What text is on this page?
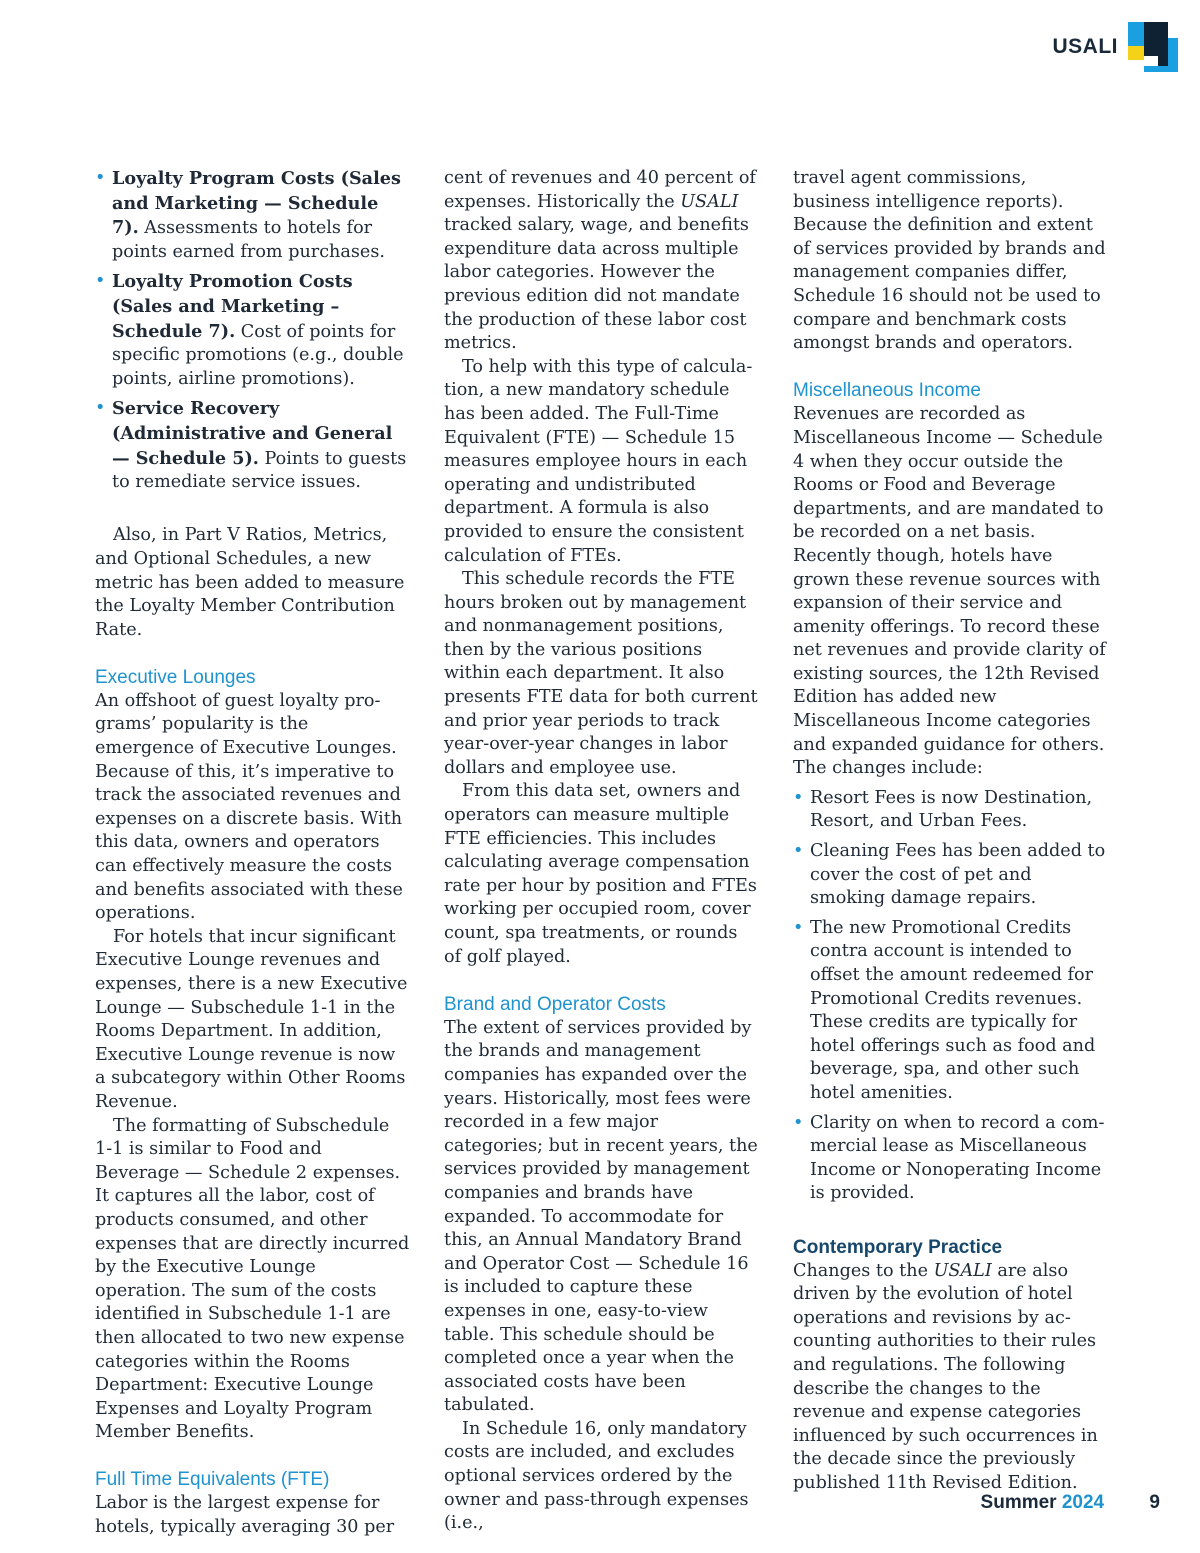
USALI
• Loyalty Program Costs (Sales and Marketing — Schedule 7). Assessments to hotels for points earned from purchases.
• Loyalty Promotion Costs (Sales and Marketing – Schedule 7). Cost of points for specific promotions (e.g., double points, airline promotions).
• Service Recovery (Administrative and General — Schedule 5). Points to guests to remediate service issues.

Also, in Part V Ratios, Metrics, and Optional Schedules, a new metric has been added to measure the Loyalty Member Contribution Rate.

Executive Lounges

An offshoot of guest loyalty programs’ popularity is the emergence of Executive Lounges. Because of this, it’s imperative to track the associated revenues and expenses on a discrete basis. With this data, owners and operators can effectively measure the costs and benefits associated with these operations.

For hotels that incur significant Executive Lounge revenues and expenses, there is a new Executive Lounge — Subschedule 1-1 in the Rooms Department. In addition, Executive Lounge revenue is now a subcategory within Other Rooms Revenue.

The formatting of Subschedule 1-1 is similar to Food and Beverage — Schedule 2 expenses. It captures all the labor, cost of products consumed, and other expenses that are directly incurred by the Executive Lounge operation. The sum of the costs identified in Subschedule 1-1 are then allocated to two new expense categories within the Rooms Department: Executive Lounge Expenses and Loyalty Program Member Benefits.

Full Time Equivalents (FTE)

Labor is the largest expense for hotels, typically averaging 30 per

cent of revenues and 40 percent of expenses. Historically the USALI tracked salary, wage, and benefits expenditure data across multiple labor categories. However the previous edition did not mandate the production of these labor cost metrics.

To help with this type of calculation, a new mandatory schedule has been added. The Full-Time Equivalent (FTE) — Schedule 15 measures employee hours in each operating and undistributed department. A formula is also provided to ensure the consistent calculation of FTEs.

This schedule records the FTE hours broken out by management and nonmanagement positions, then by the various positions within each department. It also presents FTE data for both current and prior year periods to track year-over-year changes in labor dollars and employee use.

From this data set, owners and operators can measure multiple FTE efficiencies. This includes calculating average compensation rate per hour by position and FTEs working per occupied room, cover count, spa treatments, or rounds of golf played.

Brand and Operator Costs

The extent of services provided by the brands and management companies has expanded over the years. Historically, most fees were recorded in a few major categories; but in recent years, the services provided by management companies and brands have expanded. To accommodate for this, an Annual Mandatory Brand and Operator Cost — Schedule 16 is included to capture these expenses in one, easy-to-view table. This schedule should be completed once a year when the associated costs have been tabulated.

In Schedule 16, only mandatory costs are included, and excludes optional services ordered by the owner and pass-through expenses (i.e.,

travel agent commissions, business intelligence reports). Because the definition and extent of services provided by brands and management companies differ, Schedule 16 should not be used to compare and benchmark costs amongst brands and operators.

Miscellaneous Income

Revenues are recorded as Miscellaneous Income — Schedule 4 when they occur outside the Rooms or Food and Beverage departments, and are mandated to be recorded on a net basis. Recently though, hotels have grown these revenue sources with expansion of their service and amenity offerings. To record these net revenues and provide clarity of existing sources, the 12th Revised Edition has added new Miscellaneous Income categories and expanded guidance for others. The changes include:

• Resort Fees is now Destination, Resort, and Urban Fees.
• Cleaning Fees has been added to cover the cost of pet and smoking damage repairs.
• The new Promotional Credits contra account is intended to offset the amount redeemed for Promotional Credits revenues. These credits are typically for hotel offerings such as food and beverage, spa, and other such hotel amenities.
• Clarity on when to record a commercial lease as Miscellaneous Income or Nonoperating Income is provided.
Contemporary Practice

Changes to the USALI are also driven by the evolution of hotel operations and revisions by accounting authorities to their rules and regulations. The following describe the changes to the revenue and expense categories influenced by such occurrences in the decade since the previously published 11th Revised Edition.

Summer 2024 9
